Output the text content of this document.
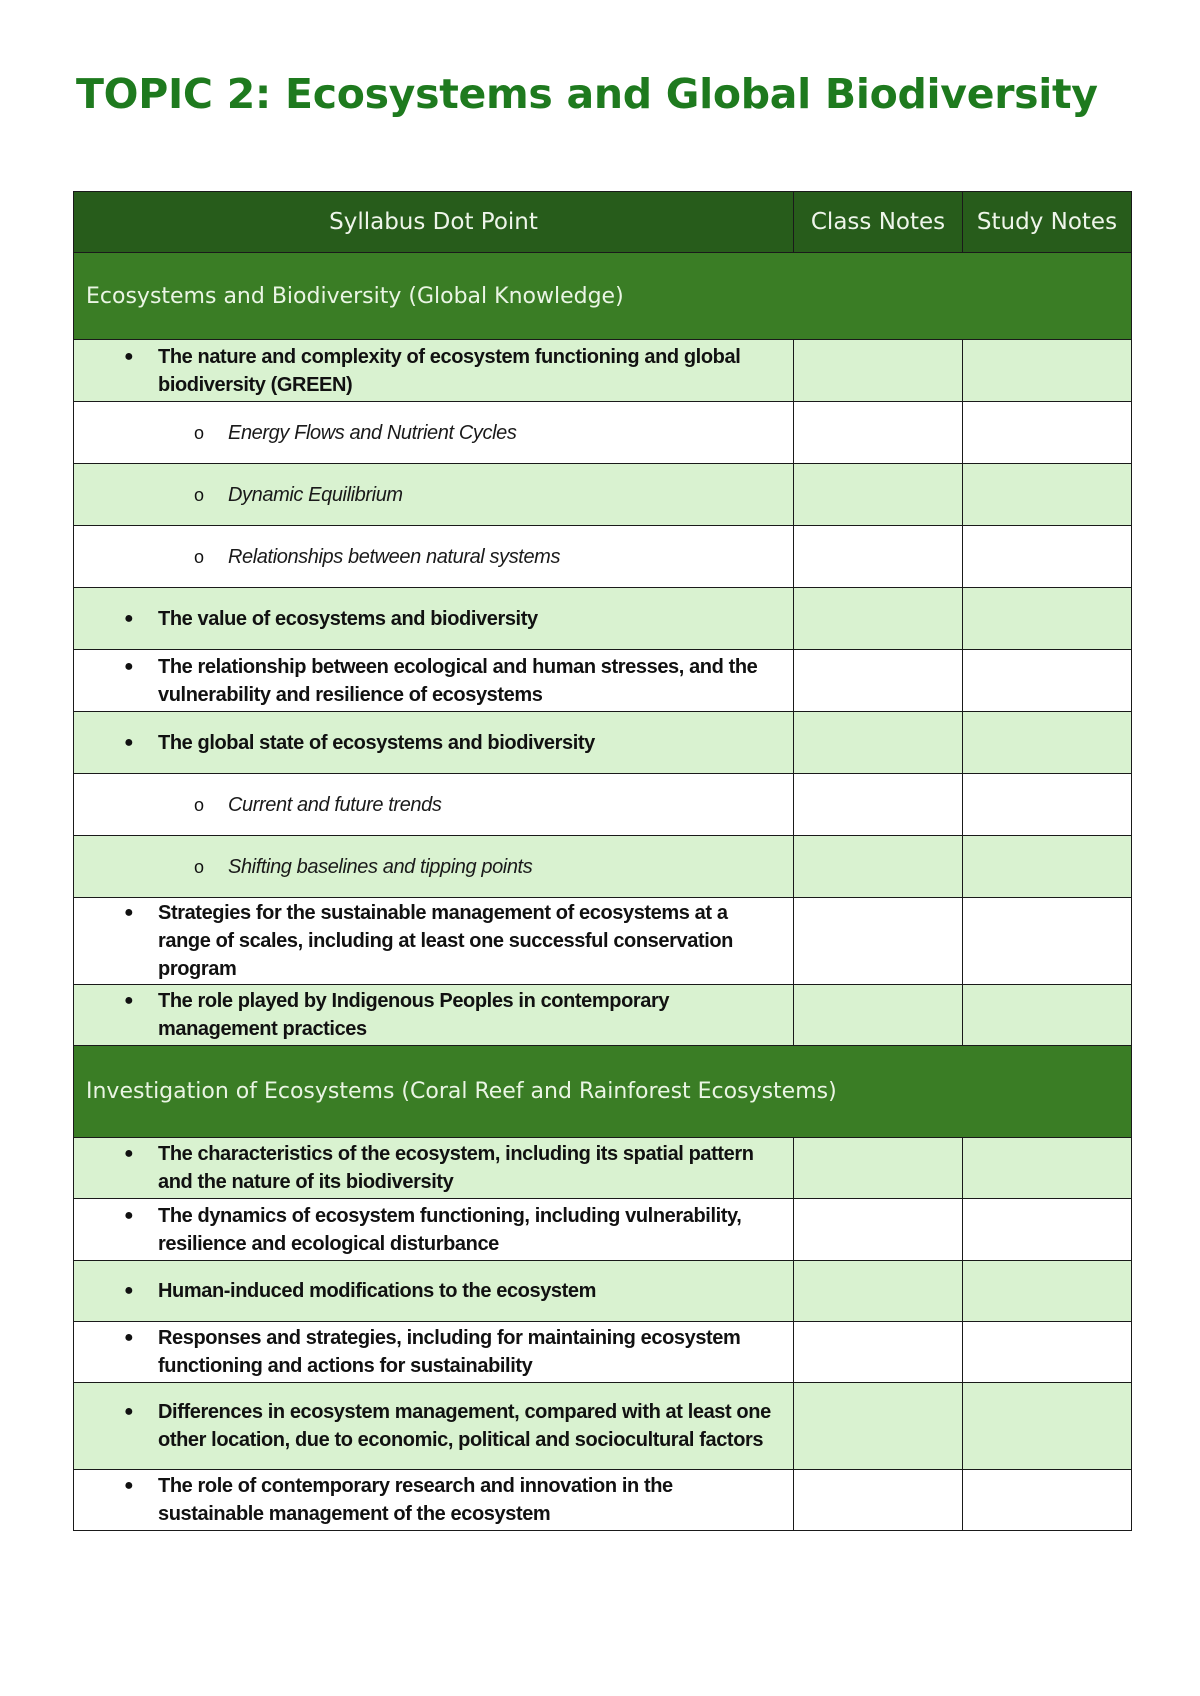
TOPIC 2: Ecosystems and Global Biodiversity
Syllabus Dot Point	Class Notes	Study Notes
Ecosystems and Biodiversity (Global Knowledge)		

● The nature and complexity of ecosystem functioning and global biodiversity (GREEN)		

o Energy Flows and Nutrient Cycles		

o Dynamic Equilibrium		

o Relationships between natural systems		

● The value of ecosystems and biodiversity		

● The relationship between ecological and human stresses, and the vulnerability and resilience of ecosystems		

● The global state of ecosystems and biodiversity		

o Current and future trends		

o Shifting baselines and tipping points		

● Strategies for the sustainable management of ecosystems at a range of scales, including at least one successful conservation program		

● The role played by Indigenous Peoples in contemporary management practices		

Investigation of Ecosystems (Coral Reef and Rainforest Ecosystems)		

● The characteristics of the ecosystem, including its spatial pattern and the nature of its biodiversity		

● The dynamics of ecosystem functioning, including vulnerability, resilience and ecological disturbance		

● Human-induced modifications to the ecosystem		

● Responses and strategies, including for maintaining ecosystem functioning and actions for sustainability		

● Differences in ecosystem management, compared with at least one other location, due to economic, political and sociocultural factors		

● The role of contemporary research and innovation in the sustainable management of the ecosystem		
